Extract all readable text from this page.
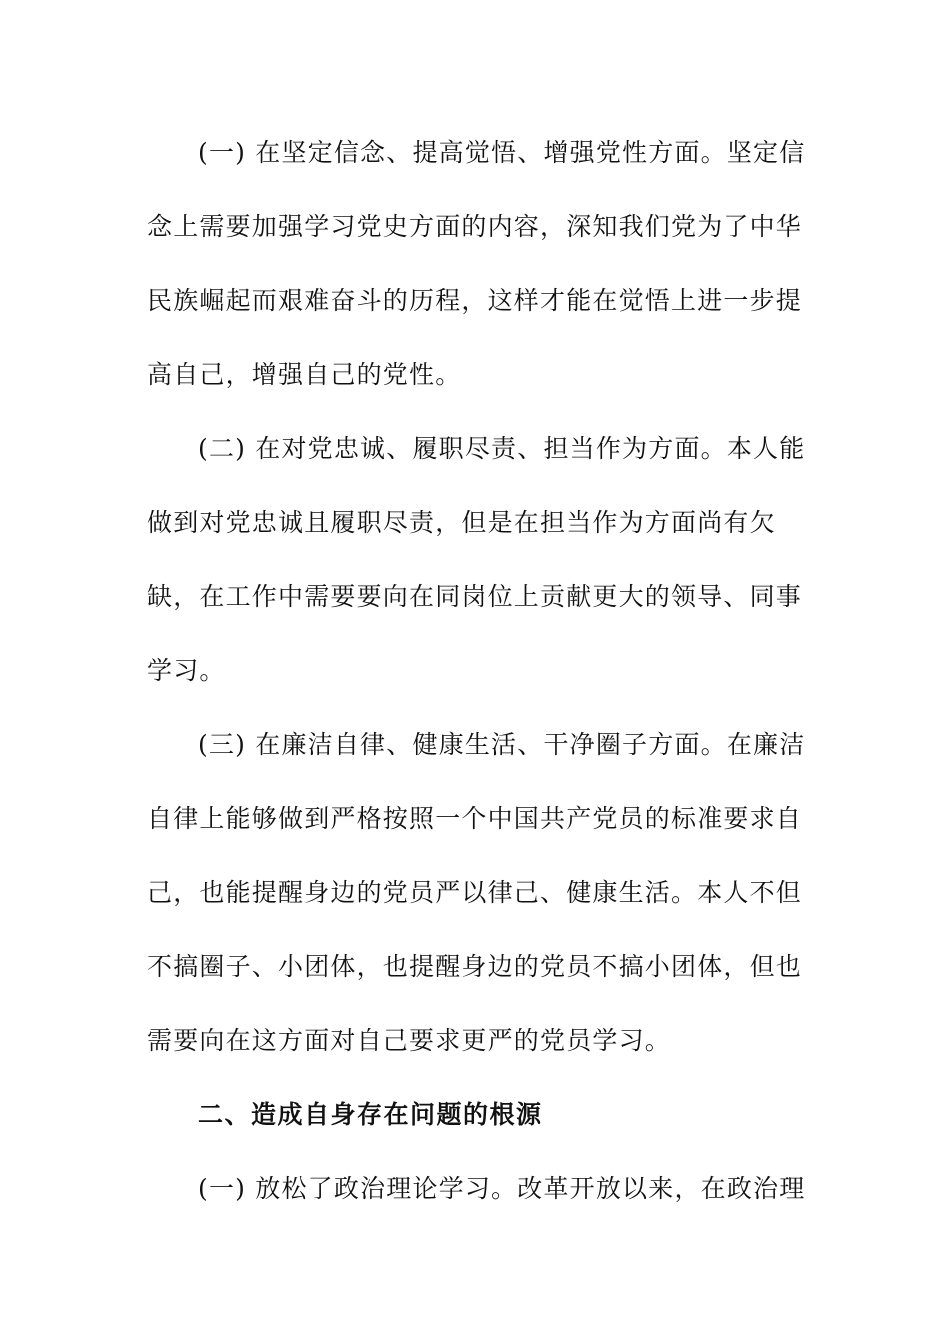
(一) 在坚定信念、提高觉悟、增强党性方面。坚定信
念上需要加强学习党史方面的内容，深知我们党为了中华
民族崛起而艰难奋斗的历程，这样才能在觉悟上进一步提
高自己，增强自己的党性。
(二) 在对党忠诚、履职尽责、担当作为方面。本人能
做到对党忠诚且履职尽责，但是在担当作为方面尚有欠
缺，在工作中需要要向在同岗位上贡献更大的领导、同事
学习。
(三) 在廉洁自律、健康生活、干净圈子方面。在廉洁
自律上能够做到严格按照一个中国共产党员的标准要求自
己，也能提醒身边的党员严以律己、健康生活。本人不但
不搞圈子、小团体，也提醒身边的党员不搞小团体，但也
需要向在这方面对自己要求更严的党员学习。
二、造成自身存在问题的根源
(一) 放松了政治理论学习。改革开放以来，在政治理
